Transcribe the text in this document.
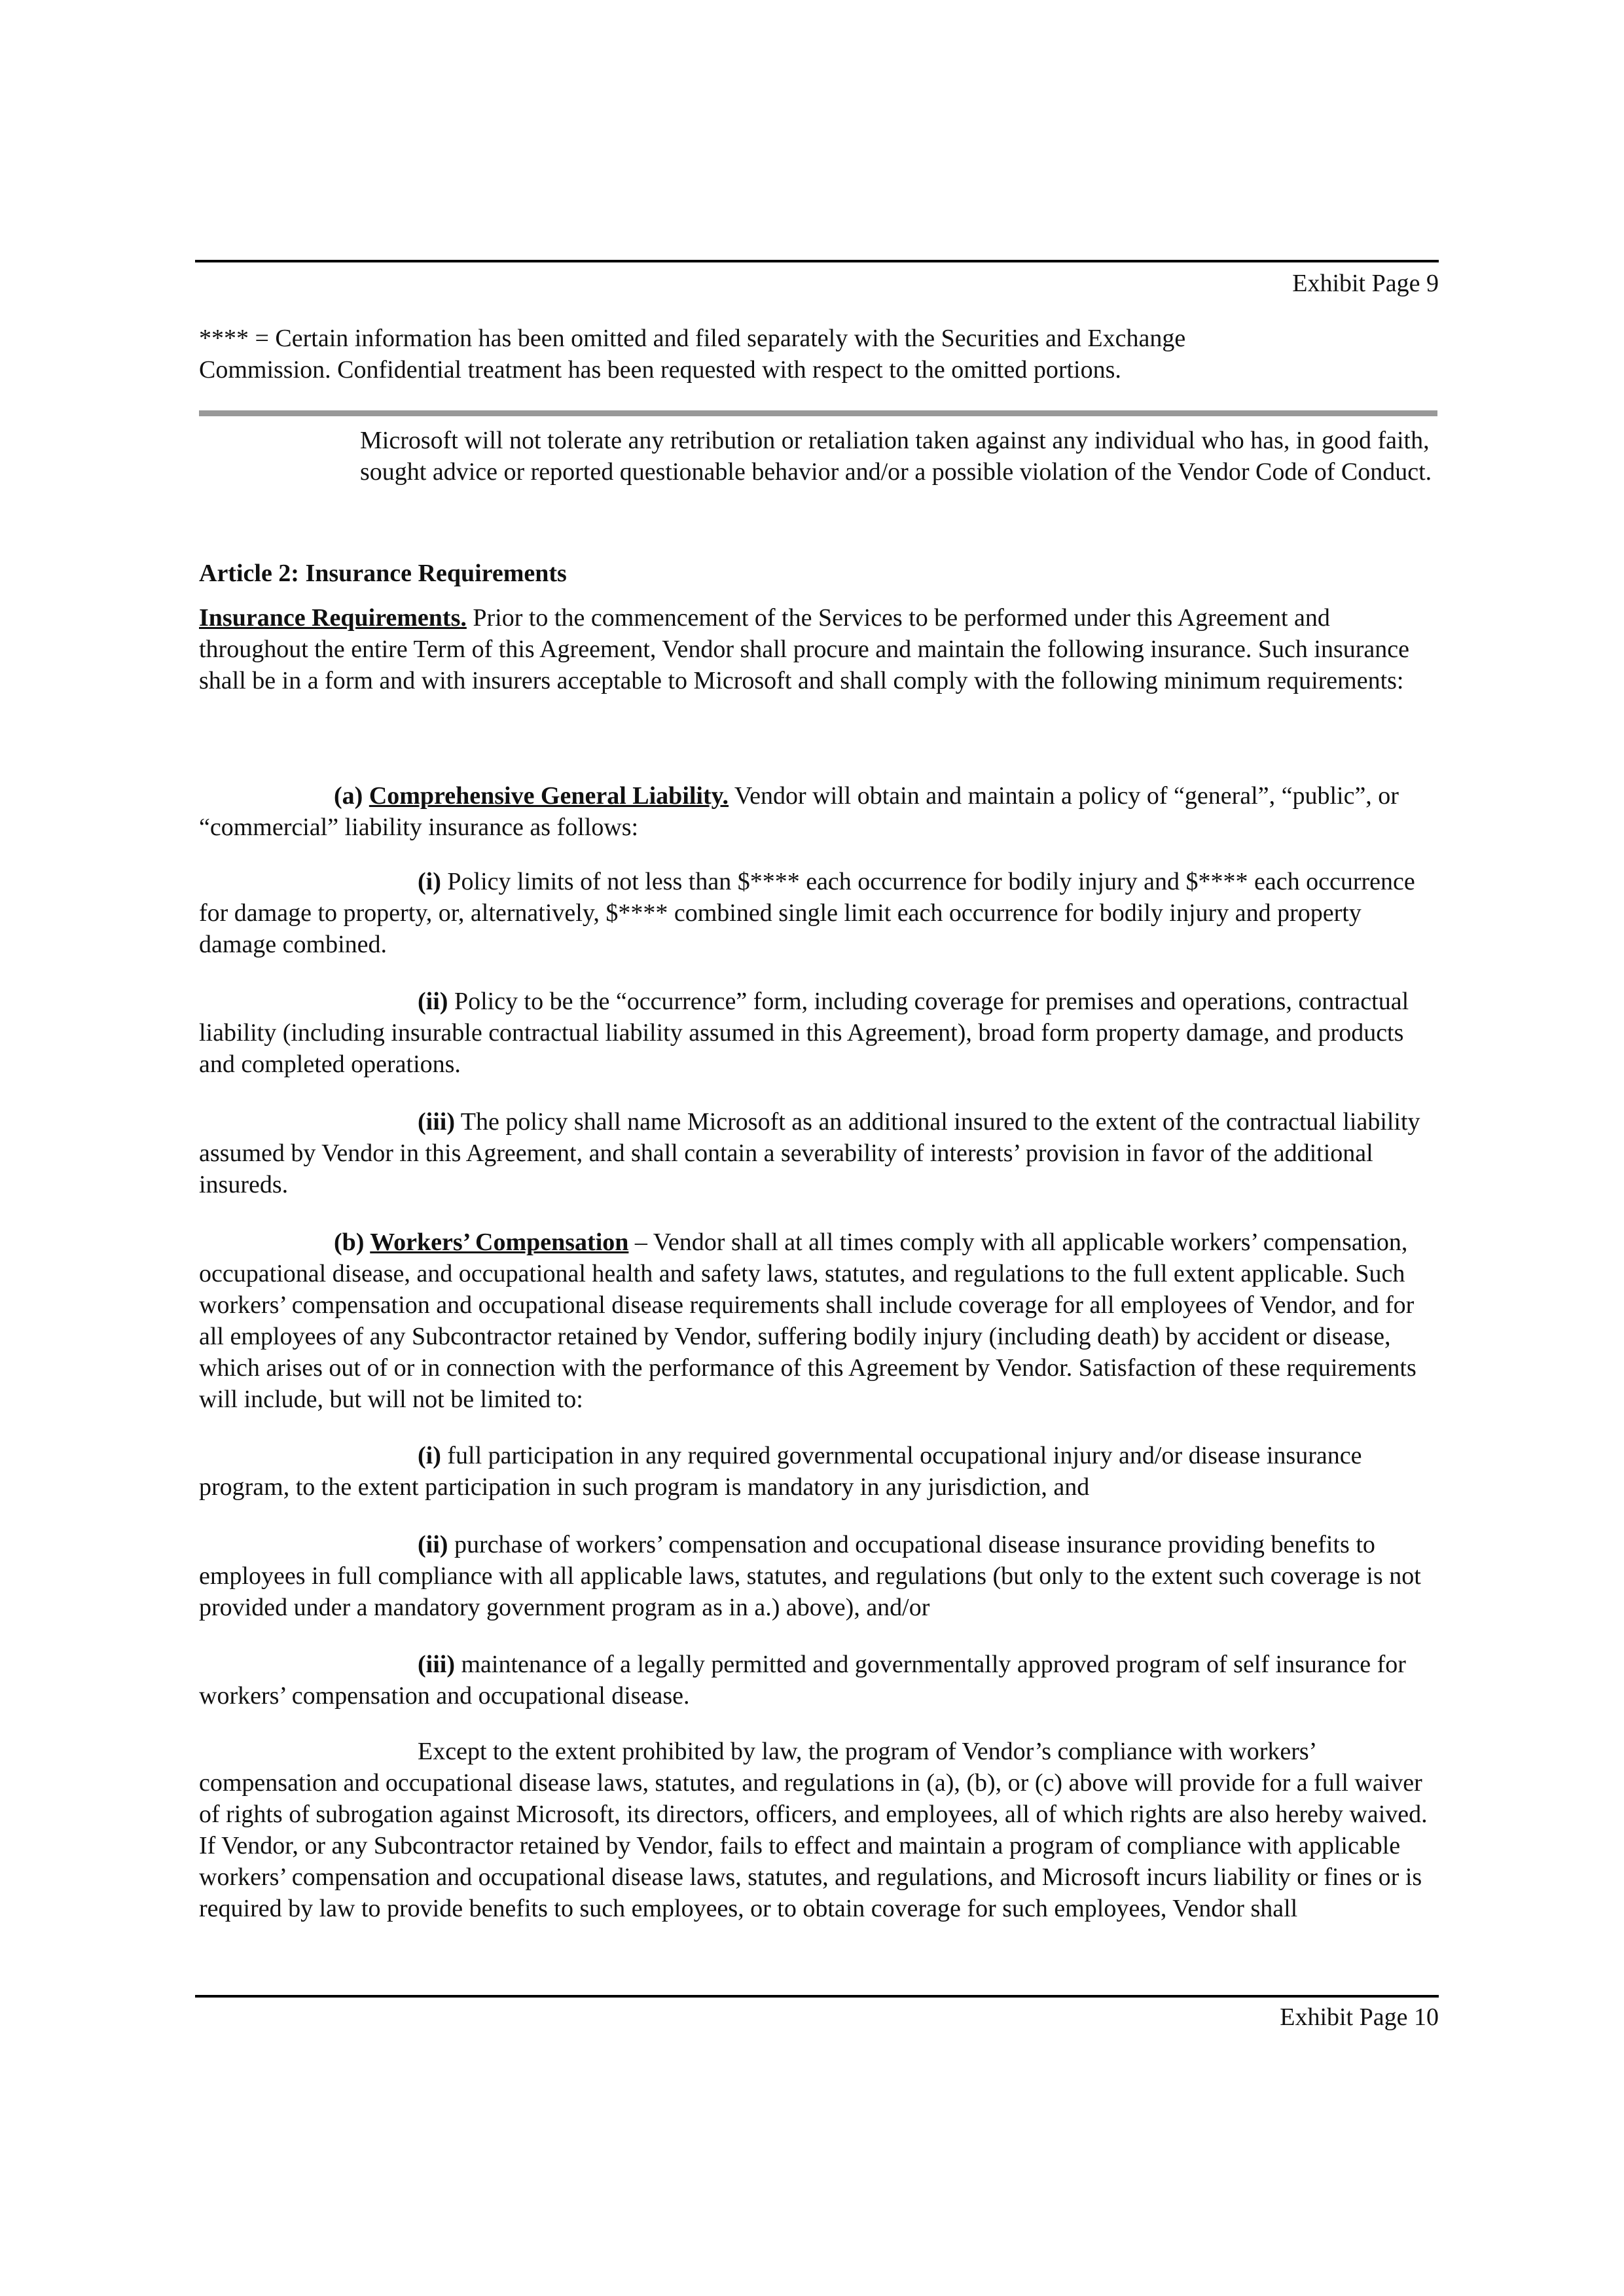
Exhibit Page 9
**** = Certain information has been omitted and filed separately with the Securities and Exchange Commission. Confidential treatment has been requested with respect to the omitted portions.
Microsoft will not tolerate any retribution or retaliation taken against any individual who has, in good faith, sought advice or reported questionable behavior and/or a possible violation of the Vendor Code of Conduct.
Article 2: Insurance Requirements
Insurance Requirements. Prior to the commencement of the Services to be performed under this Agreement and throughout the entire Term of this Agreement, Vendor shall procure and maintain the following insurance. Such insurance shall be in a form and with insurers acceptable to Microsoft and shall comply with the following minimum requirements:

(a) Comprehensive General Liability. Vendor will obtain and maintain a policy of “general”, “public”, or “commercial” liability insurance as follows:

(i) Policy limits of not less than $**** each occurrence for bodily injury and $**** each occurrence for damage to property, or, alternatively, $**** combined single limit each occurrence for bodily injury and property damage combined.

(ii) Policy to be the “occurrence” form, including coverage for premises and operations, contractual liability (including insurable contractual liability assumed in this Agreement), broad form property damage, and products and completed operations.

(iii) The policy shall name Microsoft as an additional insured to the extent of the contractual liability assumed by Vendor in this Agreement, and shall contain a severability of interests’ provision in favor of the additional insureds.

(b) Workers’ Compensation – Vendor shall at all times comply with all applicable workers’ compensation, occupational disease, and occupational health and safety laws, statutes, and regulations to the full extent applicable. Such workers’ compensation and occupational disease requirements shall include coverage for all employees of Vendor, and for all employees of any Subcontractor retained by Vendor, suffering bodily injury (including death) by accident or disease, which arises out of or in connection with the performance of this Agreement by Vendor. Satisfaction of these requirements will include, but will not be limited to:

(i) full participation in any required governmental occupational injury and/or disease insurance program, to the extent participation in such program is mandatory in any jurisdiction, and

(ii) purchase of workers’ compensation and occupational disease insurance providing benefits to employees in full compliance with all applicable laws, statutes, and regulations (but only to the extent such coverage is not provided under a mandatory government program as in a.) above), and/or

(iii) maintenance of a legally permitted and governmentally approved program of self insurance for workers’ compensation and occupational disease.

Except to the extent prohibited by law, the program of Vendor’s compliance with workers’ compensation and occupational disease laws, statutes, and regulations in (a), (b), or (c) above will provide for a full waiver of rights of subrogation against Microsoft, its directors, officers, and employees, all of which rights are also hereby waived. If Vendor, or any Subcontractor retained by Vendor, fails to effect and maintain a program of compliance with applicable workers’ compensation and occupational disease laws, statutes, and regulations, and Microsoft incurs liability or fines or is required by law to provide benefits to such employees, or to obtain coverage for such employees, Vendor shall

Exhibit Page 10
